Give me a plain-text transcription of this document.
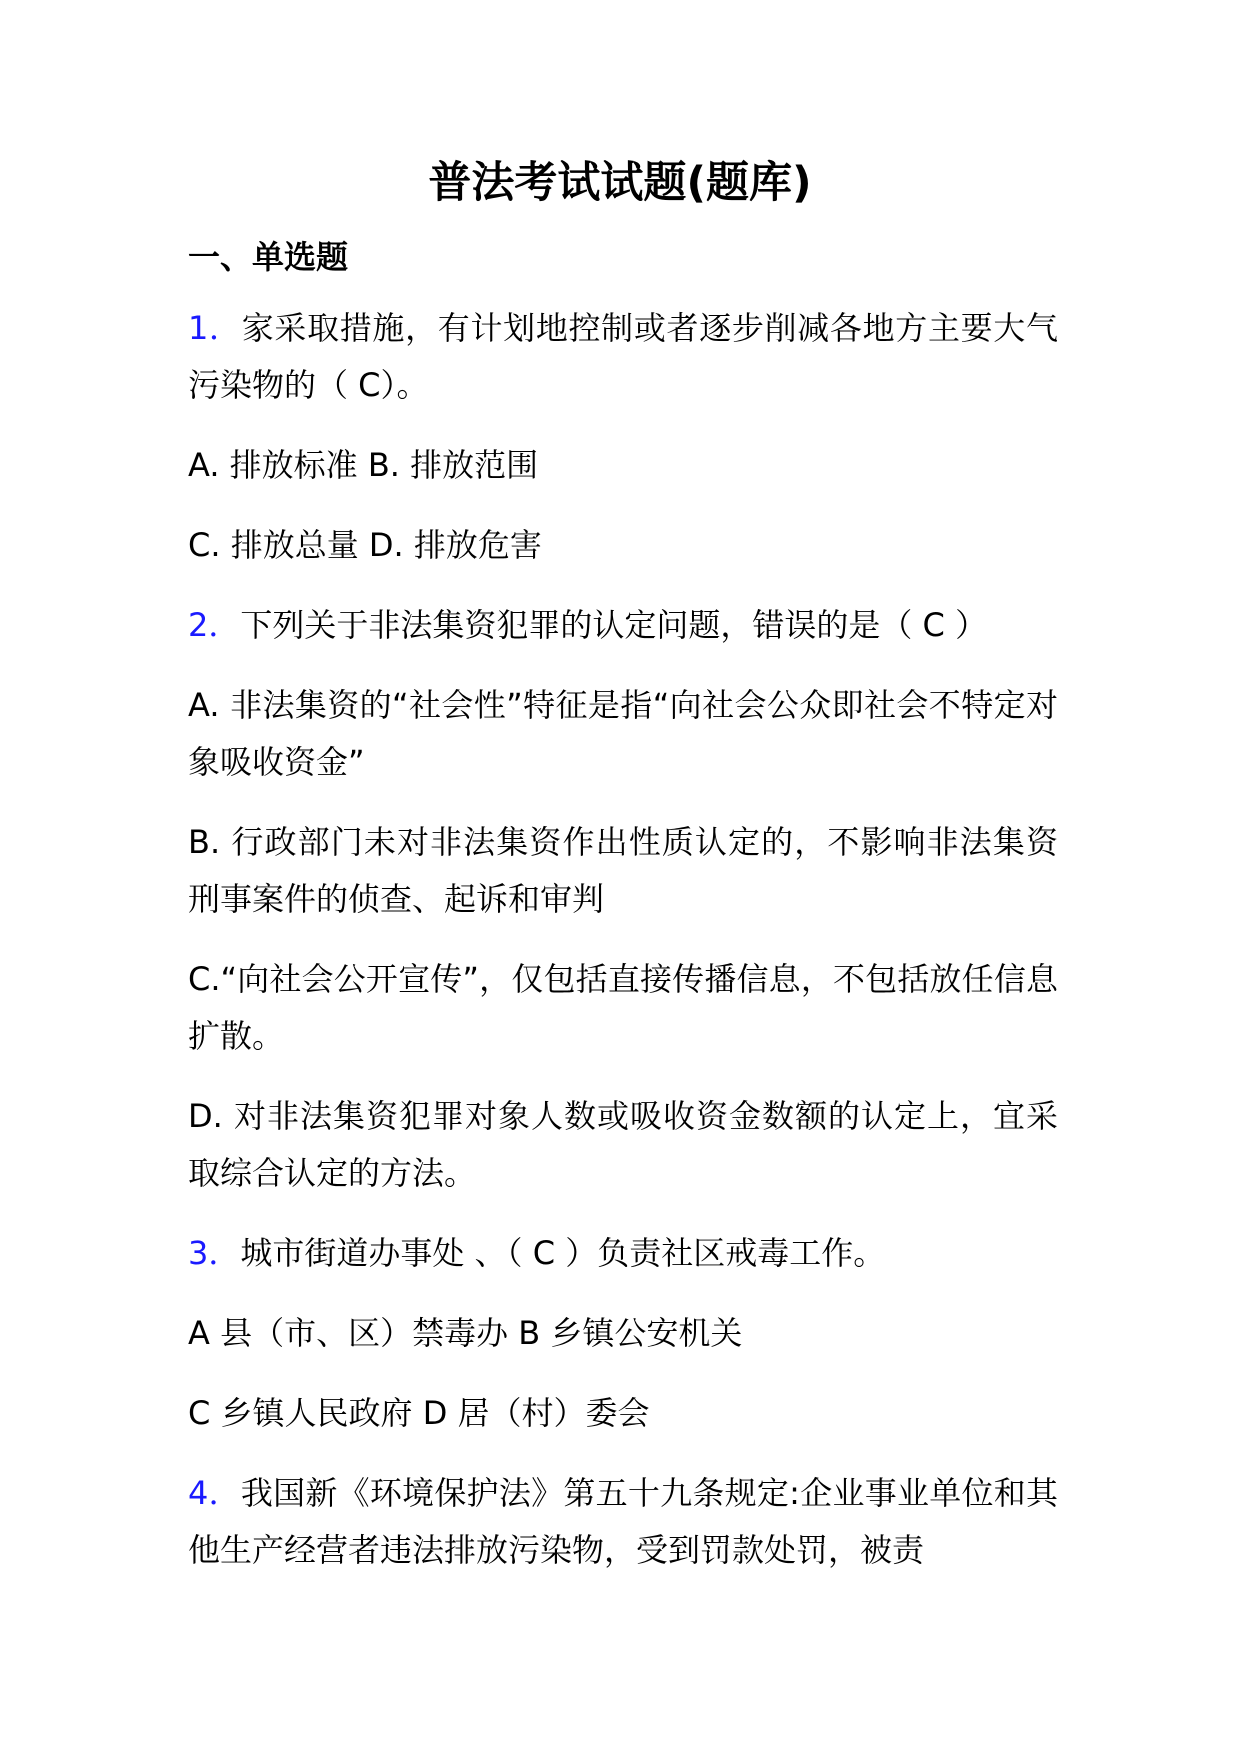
普法考试试题(题库)
一、单选题

1．家采取措施，有计划地控制或者逐步削减各地方主要大气污染物的（ C）。

A. 排放标准 B. 排放范围

C. 排放总量 D. 排放危害

2．下列关于非法集资犯罪的认定问题，错误的是（ C ）

A. 非法集资的“社会性”特征是指“向社会公众即社会不特定对象吸收资金”

B. 行政部门未对非法集资作出性质认定的，不影响非法集资刑事案件的侦查、起诉和审判

C.“向社会公开宣传”，仅包括直接传播信息，不包括放任信息扩散。

D. 对非法集资犯罪对象人数或吸收资金数额的认定上，宜采取综合认定的方法。

3．城市街道办事处 、（ C ）负责社区戒毒工作。

A 县（市、区）禁毒办 B 乡镇公安机关

C 乡镇人民政府 D 居（村）委会

4．我国新《环境保护法》第五十九条规定:企业事业单位和其他生产经营者违法排放污染物，受到罚款处罚，被责
